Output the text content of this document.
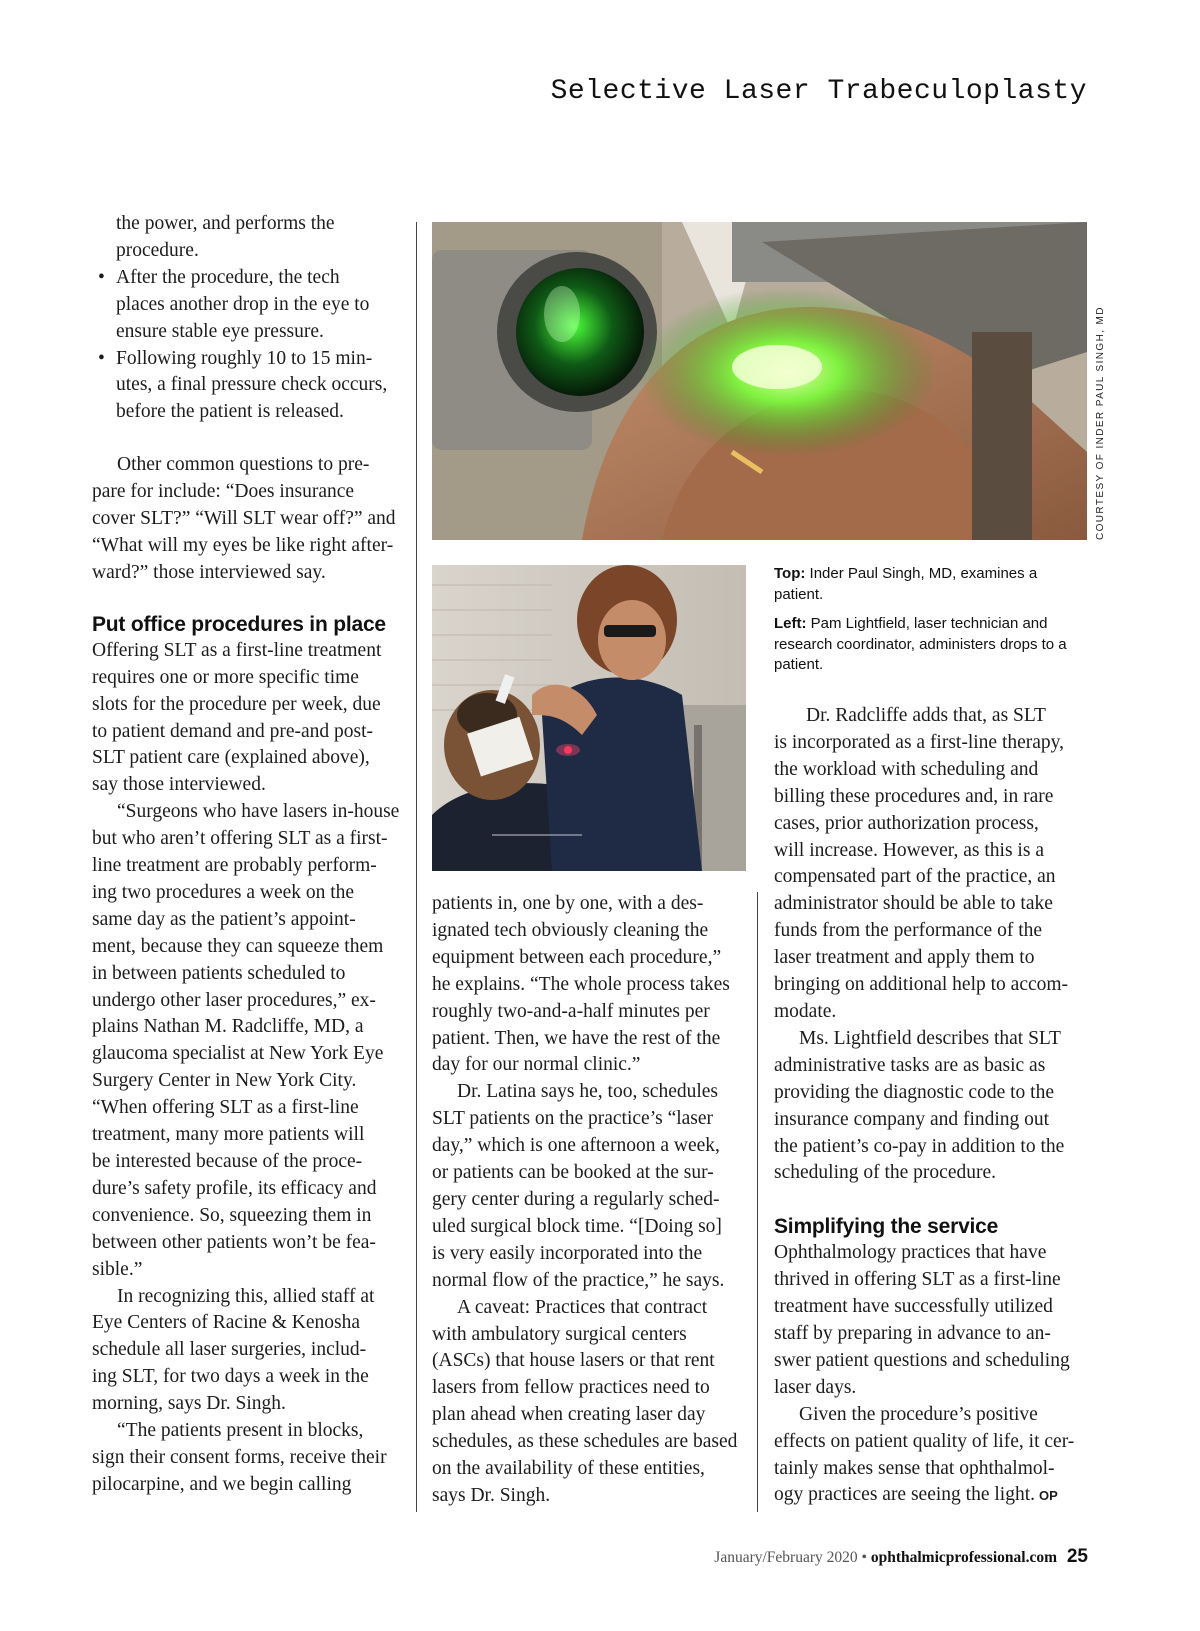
Selective Laser Trabeculoplasty
the power, and performs the
procedure.
• After the procedure, the tech
places another drop in the eye to
ensure stable eye pressure.
• Following roughly 10 to 15 min-
utes, a final pressure check occurs,
before the patient is released.
Other common questions to pre-
pare for include: “Does insurance
cover SLT?” “Will SLT wear off?” and
“What will my eyes be like right after-
ward?” those interviewed say.
Put office procedures in place
Offering SLT as a first-line treatment
requires one or more specific time
slots for the procedure per week, due
to patient demand and pre-and post-
SLT patient care (explained above),
say those interviewed.
“Surgeons who have lasers in-house
but who aren’t offering SLT as a first-
line treatment are probably perform-
ing two procedures a week on the
same day as the patient’s appoint-
ment, because they can squeeze them
in between patients scheduled to
undergo other laser procedures,” ex-
plains Nathan M. Radcliffe, MD, a
glaucoma specialist at New York Eye
Surgery Center in New York City.
“When offering SLT as a first-line
treatment, many more patients will
be interested because of the proce-
dure’s safety profile, its efficacy and
convenience. So, squeezing them in
between other patients won’t be fea-
sible.”
In recognizing this, allied staff at
Eye Centers of Racine & Kenosha
schedule all laser surgeries, includ-
ing SLT, for two days a week in the
morning, says Dr. Singh.
“The patients present in blocks,
sign their consent forms, receive their
pilocarpine, and we begin calling
COURTESY OF INDER PAUL SINGH, MD

Top: Inder Paul Singh, MD, examines a patient.

Left: Pam Lightfield, laser technician and research coordinator, administers drops to a patient.

patients in, one by one, with a des-
ignated tech obviously cleaning the
equipment between each procedure,”
he explains. “The whole process takes
roughly two-and-a-half minutes per
patient. Then, we have the rest of the
day for our normal clinic.”
Dr. Latina says he, too, schedules
SLT patients on the practice’s “laser
day,” which is one afternoon a week,
or patients can be booked at the sur-
gery center during a regularly sched-
uled surgical block time. “[Doing so]
is very easily incorporated into the
normal flow of the practice,” he says.
A caveat: Practices that contract
with ambulatory surgical centers
(ASCs) that house lasers or that rent
lasers from fellow practices need to
plan ahead when creating laser day
schedules, as these schedules are based
on the availability of these entities,
says Dr. Singh.
Dr. Radcliffe adds that, as SLT
is incorporated as a first-line therapy,
the workload with scheduling and
billing these procedures and, in rare
cases, prior authorization process,
will increase. However, as this is a
compensated part of the practice, an
administrator should be able to take
funds from the performance of the
laser treatment and apply them to
bringing on additional help to accom-
modate.
Ms. Lightfield describes that SLT
administrative tasks are as basic as
providing the diagnostic code to the
insurance company and finding out
the patient’s co-pay in addition to the
scheduling of the procedure.
Simplifying the service
Ophthalmology practices that have
thrived in offering SLT as a first-line
treatment have successfully utilized
staff by preparing in advance to an-
swer patient questions and scheduling
laser days.
Given the procedure’s positive
effects on patient quality of life, it cer-
tainly makes sense that ophthalmol-
ogy practices are seeing the light. OP
January/February 2020 • ophthalmicprofessional.com 25
